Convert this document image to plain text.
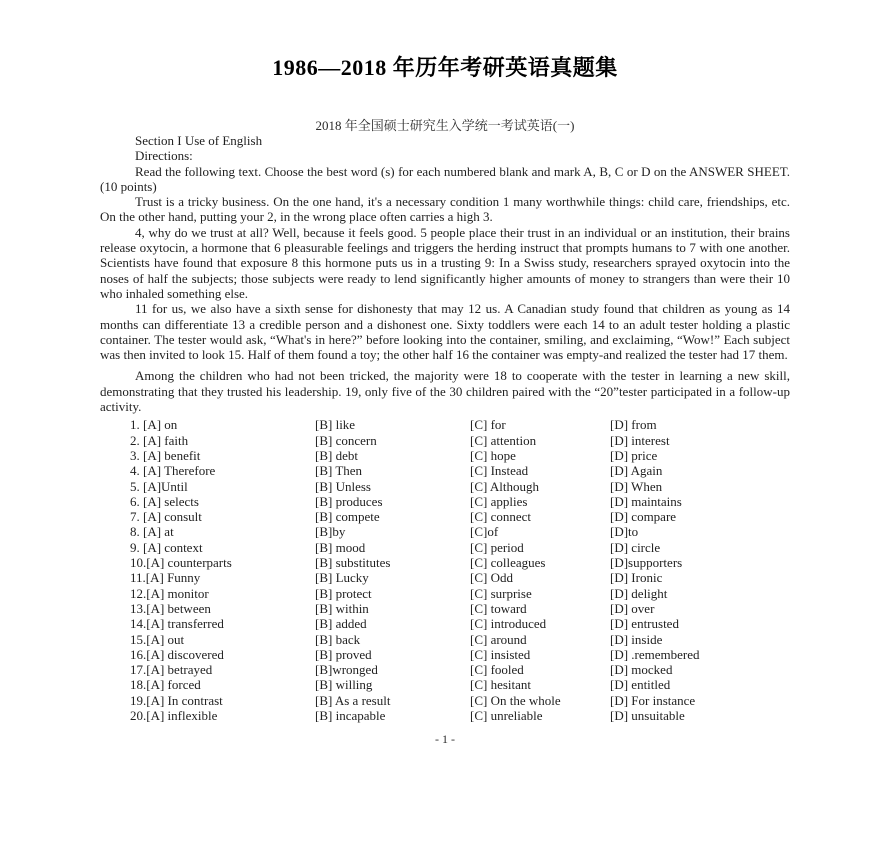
1986—2018 年历年考研英语真题集
2018 年全国硕士研究生入学统一考试英语(一)
Section I Use of English
Directions:

Read the following text. Choose the best word (s) for each numbered blank and mark A, B, C or D on the ANSWER SHEET. (10 points)

Trust is a tricky business. On the one hand, it's a necessary condition 1 many worthwhile things: child care, friendships, etc. On the other hand, putting your 2, in the wrong place often carries a high 3.

4, why do we trust at all? Well, because it feels good. 5 people place their trust in an individual or an institution, their brains release oxytocin, a hormone that 6 pleasurable feelings and triggers the herding instruct that prompts humans to 7 with one another. Scientists have found that exposure 8 this hormone puts us in a trusting 9: In a Swiss study, researchers sprayed oxytocin into the noses of half the subjects; those subjects were ready to lend significantly higher amounts of money to strangers than were their 10 who inhaled something else.

11 for us, we also have a sixth sense for dishonesty that may 12 us. A Canadian study found that children as young as 14 months can differentiate 13 a credible person and a dishonest one. Sixty toddlers were each 14 to an adult tester holding a plastic container. The tester would ask, “What's in here?” before looking into the container, smiling, and exclaiming, “Wow!” Each subject was then invited to look 15. Half of them found a toy; the other half 16 the container was empty-and realized the tester had 17 them.

Among the children who had not been tricked, the majority were 18 to cooperate with the tester in learning a new skill, demonstrating that they trusted his leadership. 19, only five of the 30 children paired with the “20”tester participated in a follow-up activity.

1. [A] on	[B] like	[C] for	[D] from
2. [A] faith	[B] concern	[C] attention	[D] interest
3. [A] benefit	[B] debt	[C] hope	[D] price
4. [A] Therefore	[B] Then	[C] Instead	[D] Again
5. [A]Until	[B] Unless	[C] Although	[D] When
6. [A] selects	[B] produces	[C] applies	[D] maintains
7. [A] consult	[B] compete	[C] connect	[D] compare
8. [A] at	[B]by	[C]of	[D]to
9. [A] context	[B] mood	[C] period	[D] circle
10.[A] counterparts	[B] substitutes	[C] colleagues	[D]supporters
11.[A] Funny	[B] Lucky	[C] Odd	[D] Ironic
12.[A] monitor	[B] protect	[C] surprise	[D] delight
13.[A] between	[B] within	[C] toward	[D] over
14.[A] transferred	[B] added	[C] introduced	[D] entrusted
15.[A] out	[B] back	[C] around	[D] inside
16.[A] discovered	[B] proved	[C] insisted	[D] .remembered
17.[A] betrayed	[B]wronged	[C] fooled	[D] mocked
18.[A] forced	[B] willing	[C] hesitant	[D] entitled
19.[A] In contrast	[B] As a result	[C] On the whole	[D] For instance
20.[A] inflexible	[B] incapable	[C] unreliable	[D] unsuitable
- 1 -
